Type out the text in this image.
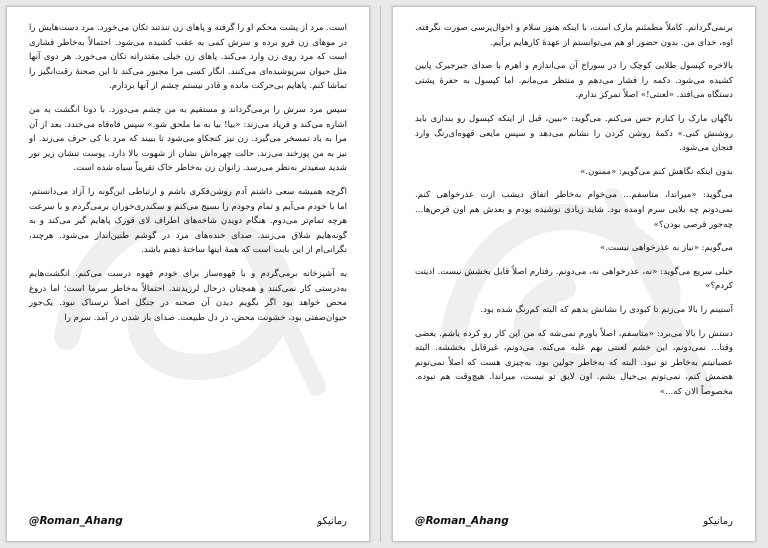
است. مرد از پشت محکم او را گرفته و پاهای زن تندتند تکان می‌خورد. مرد دست‌هایش را در موهای زن فرو برده و سرش کمی به عقب کشیده می‌شود. احتمالاً به‌خاطر فشاری است که مرد روی زن وارد می‌کند. پاهای زن خیلی مقتدرانه تکان می‌خورد. هر دوی آنها مثل حیوان سرپوشیده‌ای می‌کنند. انگار کسی مرا مجبور می‌کند تا این صحنهٔ رقت‌انگیز را تماشا کنم. پاهایم بی‌حرکت مانده و قادر نیستم چشم از آنها بردارم.

سپس مرد سرش را برمی‌گرداند و مستقیم به من چشم می‌دوزد. با دوتا انگشت به من اشاره می‌کند و فریاد می‌زند: «بیا! بیا به ما ملحق شو.» سپس قاه‌قاه می‌خندد. بعد از آن مرا به یاد تمسخر می‌گیرد. زن نیز کنجکاو می‌شود تا ببیند که مرد با کی حرف می‌زند. او نیز به من پوزخند می‌زند. حالت چهره‌اش نشان از شهوت بالا دارد. پوست تنشان زیر نور شدید سفیدتر به‌نظر می‌رسد. زانوان زن به‌خاطر خاک تقریباً سیاه شده است.

اگرچه همیشه سعی داشتم آدم روشن‌فکری باشم و ارتباطی این‌گونه را آزاد می‌دانستم، اما با خودم می‌آیم و تمام وجودم را بسیج می‌کنم و سکندری‌خوران برمی‌گردم و با سرعت هرچه تمام‌تر می‌دوم. هنگام دویدن شاخه‌های اطراف لای قوزک پاهایم گیر می‌کند و به گونه‌هایم شلاق می‌زنند. صدای خنده‌های مرد در گوشم طنین‌انداز می‌شود. هرچند، نگرانی‌ام از این بابت است که همهٔ اینها ساختهٔ ذهنم باشد.

به آشپزخانه برمی‌گردم و با قهوه‌ساز برای خودم قهوه درست می‌کنم. انگشت‌هایم به‌درستی کار نمی‌کنند و همچنان درحال لرزیدنند. احتمالاً به‌خاطر سرما است؛ اما دروغ محض خواهد بود اگر بگویم دیدن آن صحنه در جنگل اصلاً ترسناک نبود. یک‌جور حیوان‌صفتی بود، خشونت محض، در دل طبیعت. صدای باز شدن در آمد. سرم را

@Roman_Ahang	رمانیکو

برنمی‌گردانم. کاملاً مطمئنم مارک است، با اینکه هنوز سلام و احوال‌پرسی صورت نگرفته. اوه، خدای من. بدون حضور او هم می‌توانستم از عهدهٔ کارهایم برآیم.

بالاخره کپسول طلایی کوچک را در سوراخ آن می‌اندازم و اهرم با صدای جیرجیرک پایین کشیده می‌شود. دکمه را فشار می‌دهم و منتظر می‌مانم. اما کپسول به حفرهٔ پشتی دستگاه می‌افتد. «لعنتی!» اصلاً تمرکز ندارم.

ناگهان مارک را کنارم حس می‌کنم. می‌گوید: «ببین، قبل از اینکه کپسول رو بندازی باید روشنش کنی.» دکمهٔ روشن کردن را نشانم می‌دهد و سپس مایعی قهوه‌ای‌رنگ وارد فنجان می‌شود.

بدون اینکه نگاهش کنم می‌گویم: «ممنون.»

می‌گوید: «میراندا، متاسفم... می‌خوام به‌خاطر اتفاق دیشب ازت عذرخواهی کنم. نمی‌دونم چه بلایی سرم اومده بود. شاید زیادی نوشیده بودم و بعدش هم اون قرص‌ها... چه‌جور قرصی بودن؟»

می‌گویم: «نیاز به عذرخواهی نیست.»

خیلی سریع می‌گوید: «نه، عذرخواهی نه، می‌دونم. رفتارم اصلاً قابل بخشش نیست. اذیتت کردم؟»

آستینم را بالا می‌زنم تا کبودی را نشانش بدهم که البته کم‌رنگ شده بود.

دستش را بالا می‌برد: «متاسفم، اصلاً باورم نمی‌شه که من این کار رو کرده باشم. بعضی وقتا... نمی‌دونم، این خشم لعنتی بهم غلبه می‌کنه. می‌دونم، غیرقابل بخششه. البته عصبانیتم به‌خاطر تو نبود. البته که به‌خاطر جولین بود. به‌چیزی هست که اصلاً نمی‌تونم هضمش کنم، نمی‌تونم بی‌خیال بشم. اون لایق تو نیست، میراندا. هیچ‌وقت هم نبوده. مخصوصاً الان که...»

@Roman_Ahang	رمانیکو
